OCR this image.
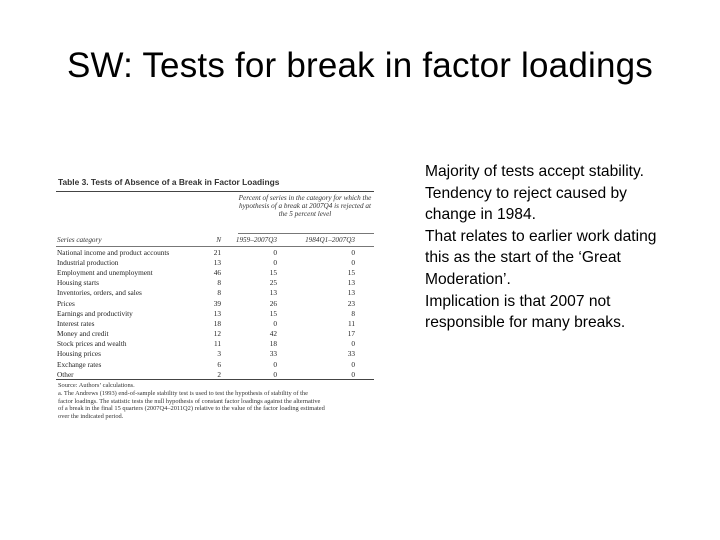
SW: Tests for break in factor loadings
Table 3. Tests of Absence of a Break in Factor Loadings
Percent of series in the category for which the hypothesis of a break at 2007Q4 is rejected at the 5 percent level
Series category	N	1959–2007Q3	1984Q1–2007Q3
National income and product accounts	21	0	0
Industrial production	13	0	0
Employment and unemployment	46	15	15
Housing starts	8	25	13
Inventories, orders, and sales	8	13	13
Prices	39	26	23
Earnings and productivity	13	15	8
Interest rates	18	0	11
Money and credit	12	42	17
Stock prices and wealth	11	18	0
Housing prices	3	33	33
Exchange rates	6	0	0
Other	2	0	0

Source: Authors’ calculations.

a. The Andrews (1993) end-of-sample stability test is used to test the hypothesis of stability of the

factor loadings. The statistic tests the null hypothesis of constant factor loadings against the alternative

of a break in the final 15 quarters (2007Q4–2011Q2) relative to the value of the factor loading estimated

over the indicated period.

Majority of tests accept stability.
Tendency to reject caused by
change in 1984.
That relates to earlier work dating
this as the start of the ‘Great
Moderation’.
Implication is that 2007 not
responsible for many breaks.
